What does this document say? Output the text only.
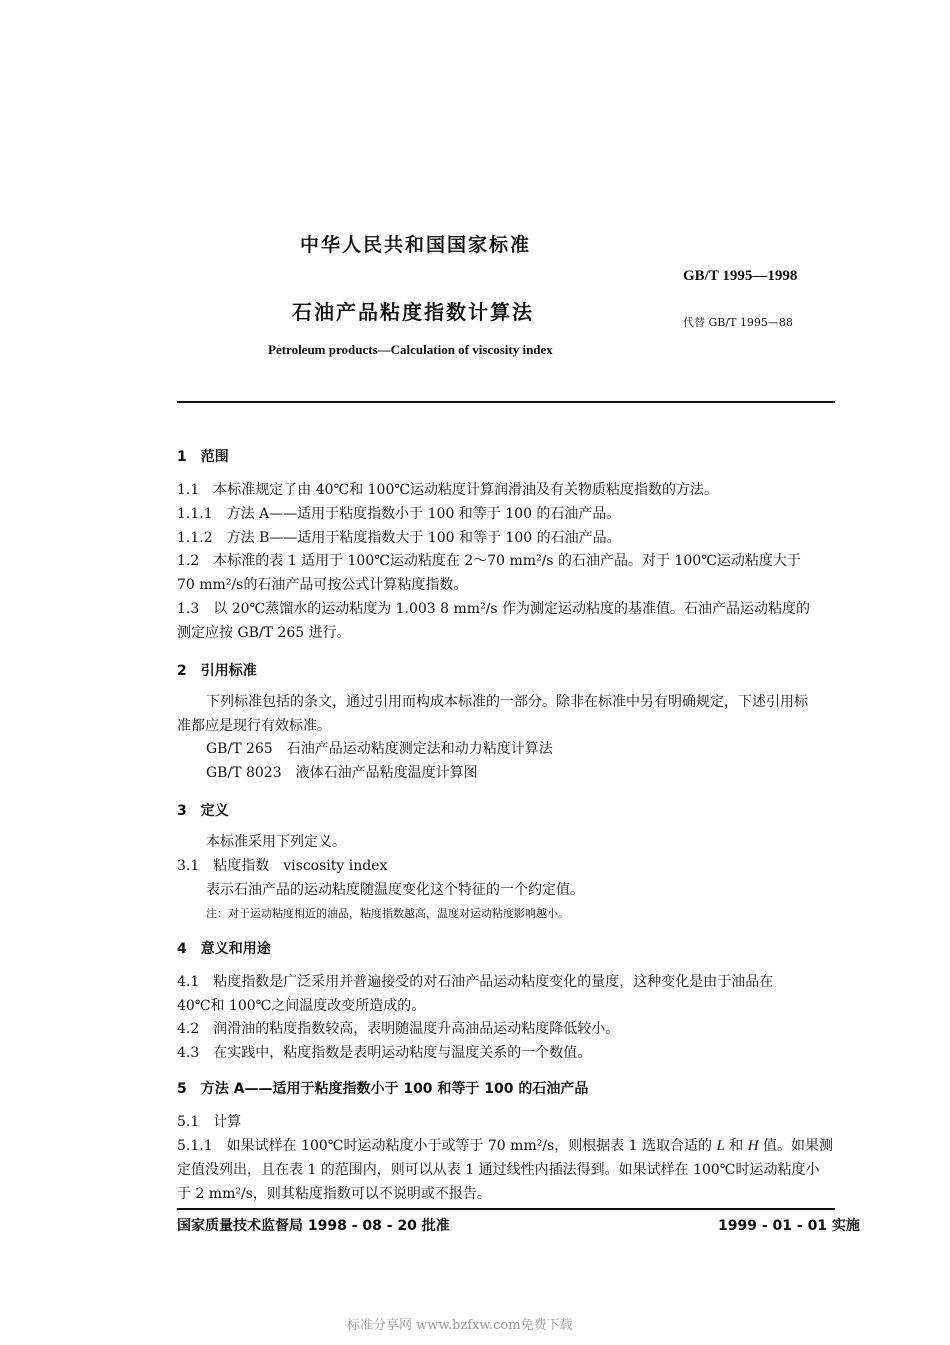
中华人民共和国国家标准
GB/T 1995—1998
石油产品粘度指数计算法	代替 GB/T 1995—88
Petroleum products—Calculation of viscosity index
1　范围
1.1　本标准规定了由 40℃和 100℃运动粘度计算润滑油及有关物质粘度指数的方法。
1.1.1　方法 A——适用于粘度指数小于 100 和等于 100 的石油产品。
1.1.2　方法 B——适用于粘度指数大于 100 和等于 100 的石油产品。
1.2　本标准的表 1 适用于 100℃运动粘度在 2～70 mm²/s 的石油产品。对于 100℃运动粘度大于
70 mm²/s的石油产品可按公式计算粘度指数。
1.3　以 20℃蒸馏水的运动粘度为 1.003 8 mm²/s 作为测定运动粘度的基准值。石油产品运动粘度的
测定应按 GB/T 265 进行。
2　引用标准
下列标准包括的条文，通过引用而构成本标准的一部分。除非在标准中另有明确规定，下述引用标
准都应是现行有效标准。
GB/T 265　石油产品运动粘度测定法和动力粘度计算法
GB/T 8023　液体石油产品粘度温度计算图
3　定义
本标准采用下列定义。
3.1　粘度指数　viscosity index
表示石油产品的运动粘度随温度变化这个特征的一个约定值。
注：对于运动粘度相近的油品，粘度指数越高，温度对运动粘度影响越小。
4　意义和用途
4.1　粘度指数是广泛采用并普遍接受的对石油产品运动粘度变化的量度，这种变化是由于油品在
40℃和 100℃之间温度改变所造成的。
4.2　润滑油的粘度指数较高，表明随温度升高油品运动粘度降低较小。
4.3　在实践中，粘度指数是表明运动粘度与温度关系的一个数值。
5　方法 A——适用于粘度指数小于 100 和等于 100 的石油产品
5.1　计算
5.1.1　如果试样在 100℃时运动粘度小于或等于 70 mm²/s，则根据表 1 选取合适的 L 和 H 值。如果测
定值没列出，且在表 1 的范围内，则可以从表 1 通过线性内插法得到。如果试样在 100℃时运动粘度小
于 2 mm²/s，则其粘度指数可以不说明或不报告。
国家质量技术监督局 1998 - 08 - 20 批准	1999 - 01 - 01 实施
标准分享网 www.bzfxw.com免费下载
